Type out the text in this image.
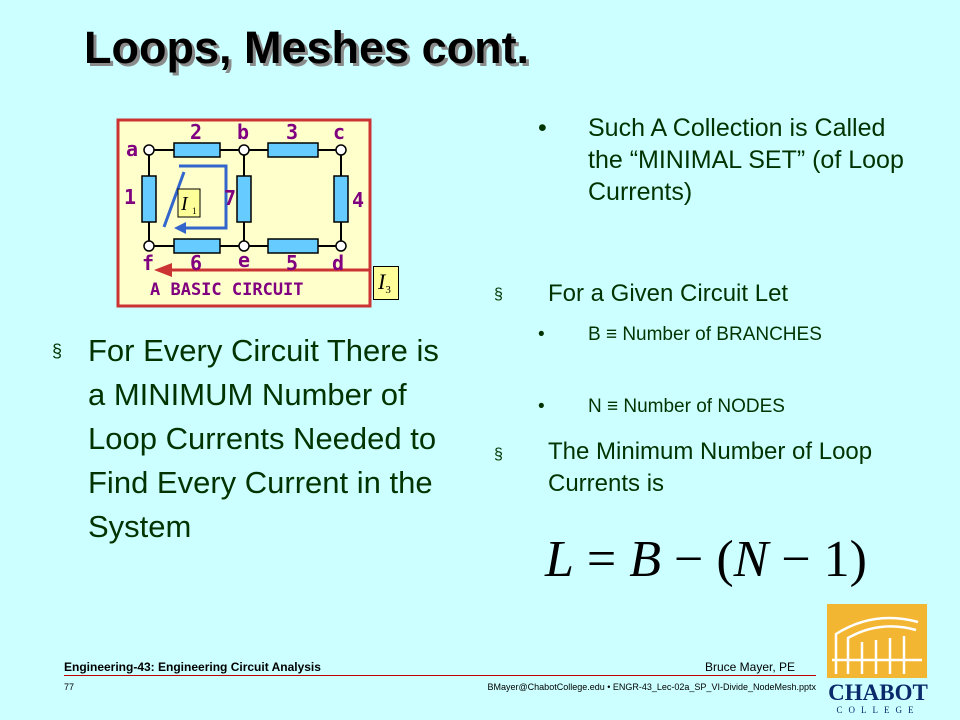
Loops, Meshes cont.
I 1
a
b	c
d
e
f
1
2	3
4
5
6
7
A BASIC CIRCUIT	$I_3$
• Such A Collection is Called the “MINIMAL SET” (of Loop Currents)
§ For a Given Circuit Let
• B ≡ Number of BRANCHES
• N ≡ Number of NODES
§ The Minimum Number of Loop Currents is
§ For Every Circuit There is a MINIMUM Number of Loop Currents Needed to Find Every Current in the System
L = B − (N − 1)
Engineering-43: Engineering Circuit Analysis	Bruce Mayer, PE
77	BMayer@ChabotCollege.edu • ENGR-43_Lec-02a_SP_VI-Divide_NodeMesh.pptx CHABOT
COLLEGE
